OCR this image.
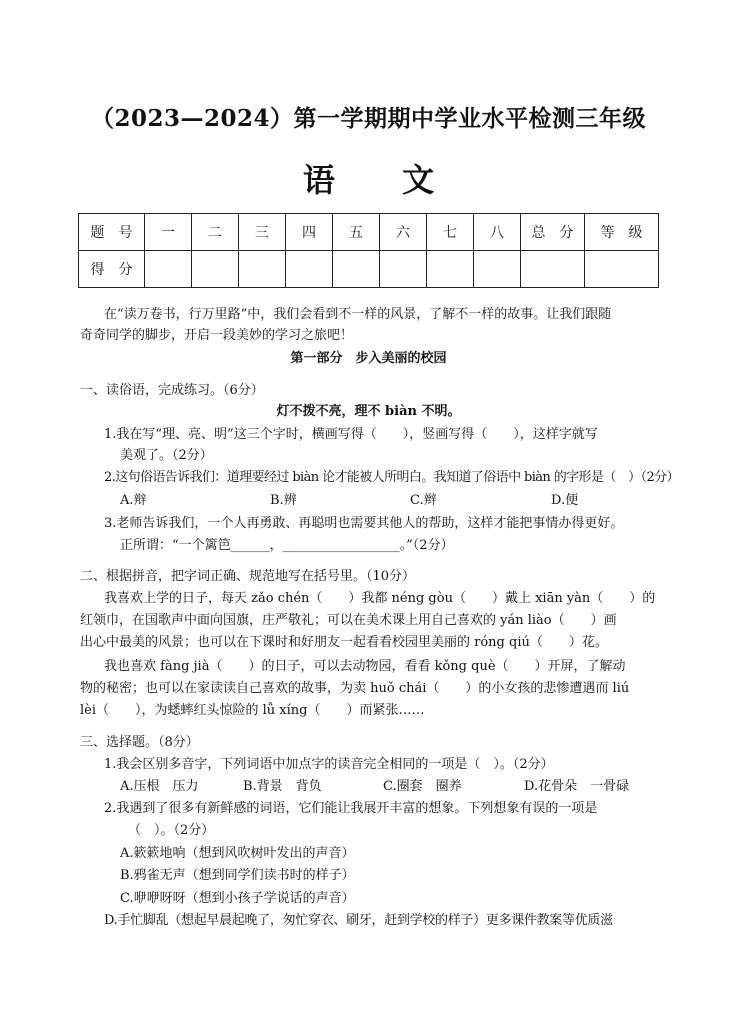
（2023—2024）第一学期期中学业水平检测三年级
语 文
题　号	一	二	三	四	五	六	七	八	总　分	等　级
得　分										
在“读万卷书，行万里路”中，我们会看到不一样的风景，了解不一样的故事。让我们跟随
奇奇同学的脚步，开启一段美妙的学习之旅吧！
第一部分　步入美丽的校园
一、读俗语，完成练习。（6分）
灯不拨不亮，理不 biàn 不明。
1.我在写“理、亮、明”这三个字时，横画写得（　　），竖画写得（　　），这样字就写
美观了。（2分）
2.这句俗语告诉我们：道理要经过 biàn 论才能被人所明白。我知道了俗语中 biàn 的字形是（　）（2分）
A.辩	B.辨	C.辫	D.便
3.老师告诉我们，一个人再勇敢、再聪明也需要其他人的帮助，这样才能把事情办得更好。
正所谓：“一个篱笆______，__________________。”（2分）
二、根据拼音，把字词正确、规范地写在括号里。（10分）
我喜欢上学的日子，每天 zǎo chén（　　）我都 néng gòu（　　）戴上 xiān yàn（　　）的
红领巾，在国歌声中面向国旗，庄严敬礼；可以在美术课上用自己喜欢的 yán liào（　　）画
出心中最美的风景；也可以在下课时和好朋友一起看看校园里美丽的 róng qiú（　　）花。
我也喜欢 fàng jià（　　）的日子，可以去动物园，看看 kǒng què（　　）开屏，了解动
物的秘密；也可以在家读读自己喜欢的故事，为卖 huǒ chái（　　）的小女孩的悲惨遭遇而 liú
lèi（　　），为蟋蟀红头惊险的 lǚ xíng（　　）而紧张……
三、选择题。（8分）
1.我会区别多音字，下列词语中加点字的读音完全相同的一项是（　）。（2分）
A.压根　压力	B.背景　背负	C.圈套　圈养	D.花骨朵　一骨碌
2.我遇到了很多有新鲜感的词语，它们能让我展开丰富的想象。下列想象有误的一项是
（　）。（2分）
A.簌簌地响（想到风吹树叶发出的声音）
B.鸦雀无声（想到同学们读书时的样子）
C.咿咿呀呀（想到小孩子学说话的声音）
D.手忙脚乱（想起早晨起晚了，匆忙穿衣、刷牙，赶到学校的样子）更多课件教案等优质滋
